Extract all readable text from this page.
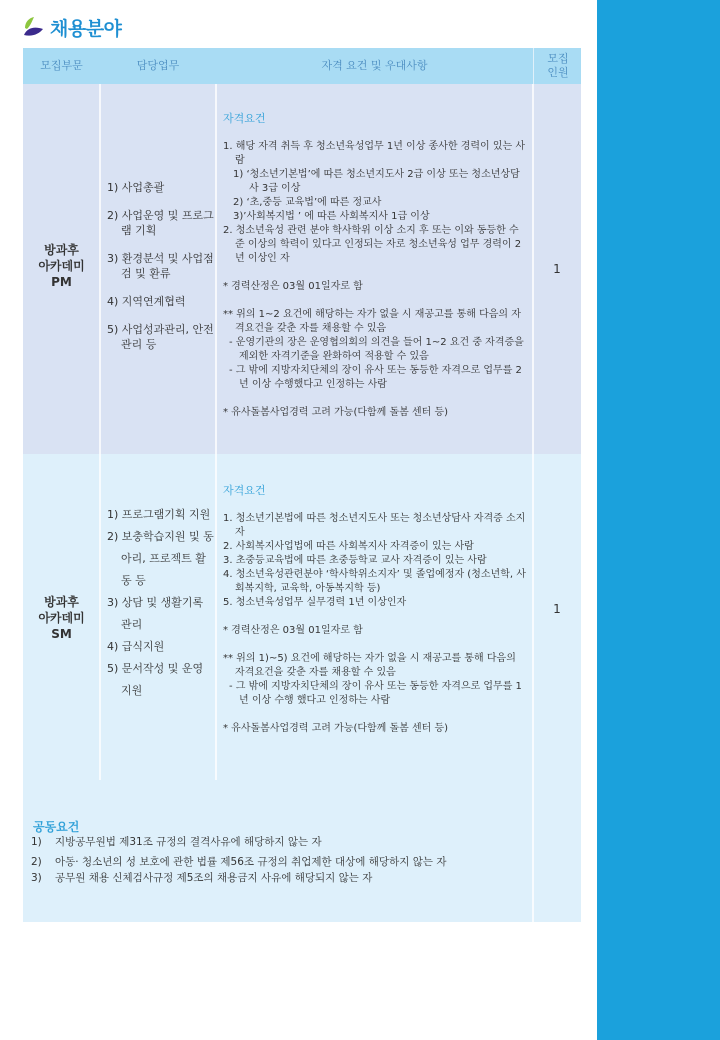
채용분야
모집부문	담당업무	자격 요건 및 우대사항
모집
인원
방과후
아카데미
PM
1) 사업총괄
2) 사업운영 및 프로그램 기획
3) 환경분석 및 사업점검 및 환류
4) 지역연계협력
5) 사업성과관리, 안전관리 등
자격요건

1. 해당 자격 취득 후 청소년육성업무 1년 이상 종사한 경력이 있는 사람

1) ‘청소년기본법’에 따른 청소년지도사 2급 이상 또는 청소년상담사 3급 이상

2) ‘초,중등 교육법’에 따른 정교사

3)’사회복지법 ’ 에 따른 사회복지사 1급 이상

2. 청소년육성 관련 분야 학사학위 이상 소지 후 또는 이와 동등한 수준 이상의 학력이 있다고 인정되는 자로 청소년육성 업무 경력이 2년 이상인 자

* 경력산정은 03월 01일자로 함

** 위의 1~2 요건에 해당하는 자가 없을 시 재공고를 통해 다음의 자격요건을 갖춘 자를 채용할 수 있음

- 운영기관의 장은 운영협의회의 의견을 들어 1~2 요건 중 자격증을 제외한 자격기준을 완화하여 적용할 수 있음

- 그 밖에 지방자치단체의 장이 유사 또는 동등한 자격으로 업무를 2년 이상 수행했다고 인정하는 사람

* 유사돌봄사업경력 고려 가능(다함께 돌봄 센터 등)

1
방과후
아카데미
SM
1) 프로그램기획 지원
2) 보충학습지원 및 동아리, 프로젝트 활동 등
3) 상담 및 생활기록 관리
4) 급식지원
5) 문서작성 및 운영 지원
자격요건

1. 청소년기본법에 따른 청소년지도사 또는 청소년상담사 자격증 소지자

2. 사회복지사업법에 따른 사회복지사 자격증이 있는 사람

3. 초중등교육법에 따른 초중등학교 교사 자격증이 있는 사람

4. 청소년육성관련분야 ‘학사학위소지자’ 및 졸업예정자 (청소년학, 사회복지학, 교육학, 아동복지학 등)

5. 청소년육성업무 실무경력 1년 이상인자

* 경력산정은 03월 01일자로 함

** 위의 1)~5) 요건에 해당하는 자가 없을 시 재공고를 통해 다음의 자격요건을 갖춘 자를 채용할 수 있음

- 그 밖에 지방자치단체의 장이 유사 또는 동등한 자격으로 업무를 1년 이상 수행 했다고 인정하는 사람

* 유사돌봄사업경력 고려 가능(다함께 돌봄 센터 등)

1
공동요건
1) 지방공무원법 제31조 규정의 결격사유에 해당하지 않는 자
2) 아동· 청소년의 성 보호에 관한 법률 제56조 규정의 취업제한 대상에 해당하지 않는 자
3) 공무원 채용 신체검사규정 제5조의 채용금지 사유에 해당되지 않는 자
